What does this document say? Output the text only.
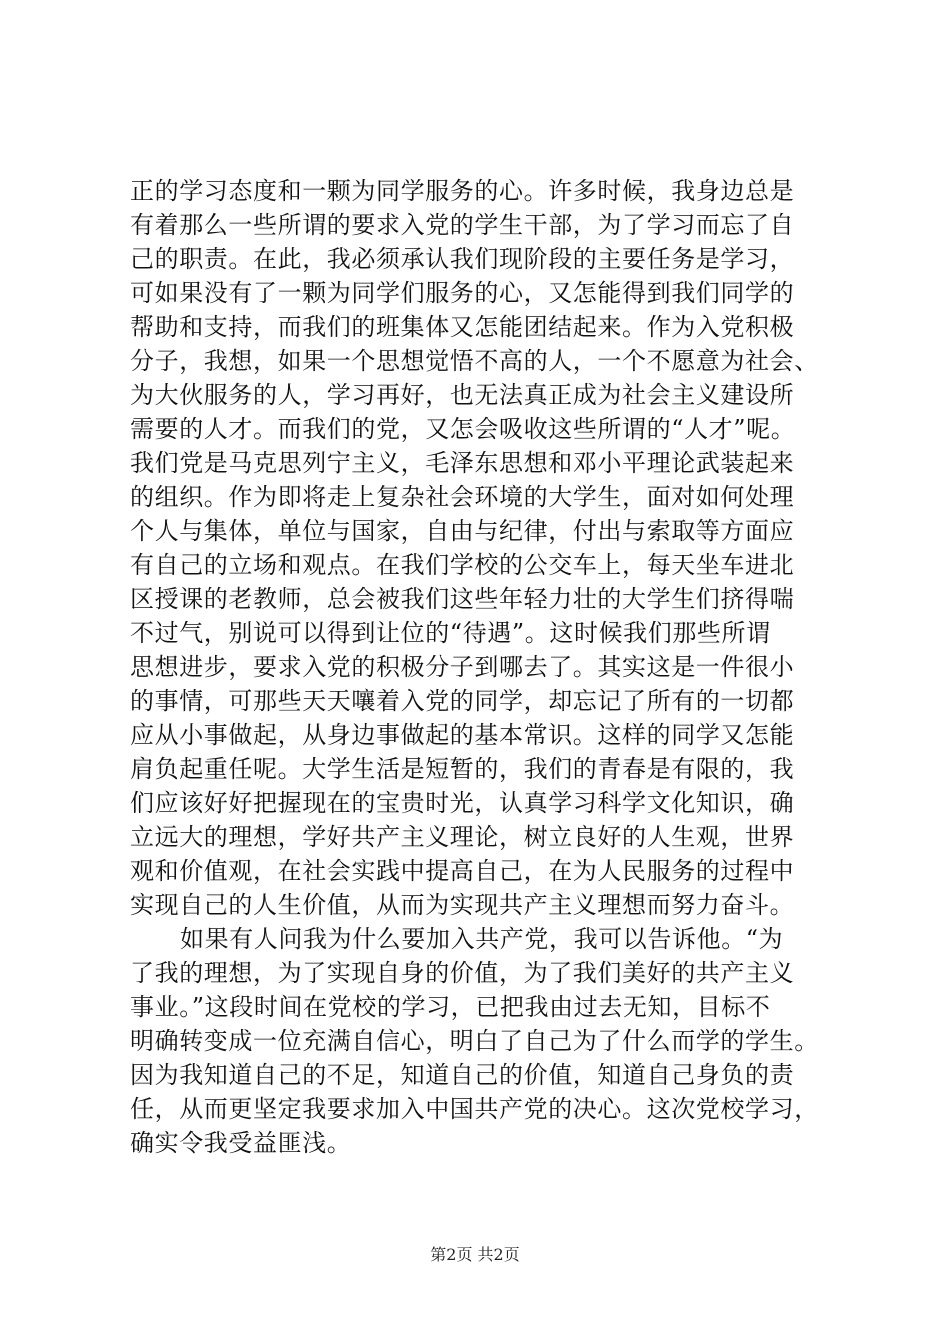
正的学习态度和一颗为同学服务的心。许多时候，我身边总是
有着那么一些所谓的要求入党的学生干部，为了学习而忘了自
己的职责。在此，我必须承认我们现阶段的主要任务是学习，
可如果没有了一颗为同学们服务的心，又怎能得到我们同学的
帮助和支持，而我们的班集体又怎能团结起来。作为入党积极
分子，我想，如果一个思想觉悟不高的人，一个不愿意为社会、
为大伙服务的人，学习再好，也无法真正成为社会主义建设所
需要的人才。而我们的党，又怎会吸收这些所谓的“人才”呢。
我们党是马克思列宁主义，毛泽东思想和邓小平理论武装起来
的组织。作为即将走上复杂社会环境的大学生，面对如何处理
个人与集体，单位与国家，自由与纪律，付出与索取等方面应
有自己的立场和观点。在我们学校的公交车上，每天坐车进北
区授课的老教师，总会被我们这些年轻力壮的大学生们挤得喘
不过气，别说可以得到让位的“待遇”。这时候我们那些所谓
思想进步，要求入党的积极分子到哪去了。其实这是一件很小
的事情，可那些天天嚷着入党的同学，却忘记了所有的一切都
应从小事做起，从身边事做起的基本常识。这样的同学又怎能
肩负起重任呢。大学生活是短暂的，我们的青春是有限的，我
们应该好好把握现在的宝贵时光，认真学习科学文化知识，确
立远大的理想，学好共产主义理论，树立良好的人生观，世界
观和价值观，在社会实践中提高自己，在为人民服务的过程中
实现自己的人生价值，从而为实现共产主义理想而努力奋斗。
如果有人问我为什么要加入共产党，我可以告诉他。“为
了我的理想，为了实现自身的价值，为了我们美好的共产主义
事业。”这段时间在党校的学习，已把我由过去无知，目标不
明确转变成一位充满自信心，明白了自己为了什么而学的学生。
因为我知道自己的不足，知道自己的价值，知道自己身负的责
任，从而更坚定我要求加入中国共产党的决心。这次党校学习，
确实令我受益匪浅。
第2页 共2页
